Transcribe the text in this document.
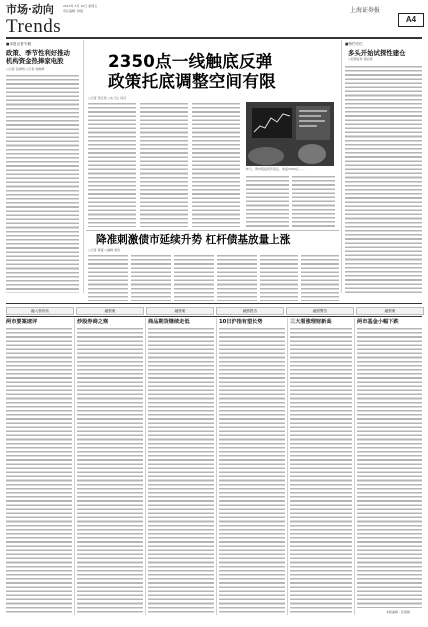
市场·动向
Trends
2013年 5月 10日 星期五
责任编辑: 钟国	上海证券报
A4
■本报记者专稿
政策、季节性利好推动 机构资金热捧家电股
○记者 张晓明 ○记者 刘晓晴	2350点一线触底反弹
政策托底调整空间有限
○记者 周正泰 ○实习生 何丹
昨日，两市股指低开高走，收复2300点……
■特约专栏
多头开始试探性建仓
○宏源证券 谭洁恩
降准刺激债市延续升势 杠杆债基放量上涨
○记者 黄蕾 ○编辑 黄浩
融入资讯站	融资案	融资案	融资报告	融资警告	融资案
两市要案速评	炒股券商之殇	商品期货继续走低	10日沪指有望长势	三大看涨理财新高	两市基金小幅下跌
本版编辑 : 张国旗
